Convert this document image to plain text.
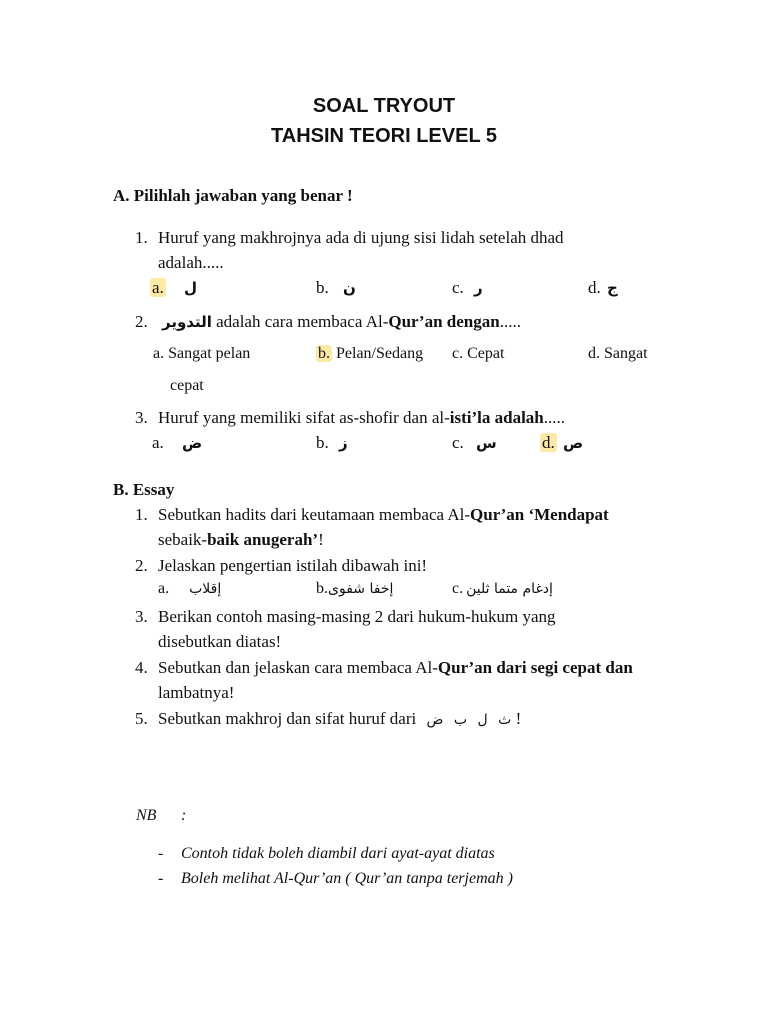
SOAL TRYOUT
TAHSIN TEORI LEVEL 5
A. Pilihlah jawaban yang benar !
1. Huruf yang makhrojnya ada di ujung sisi lidah setelah dhad
adalah.....
a. ل	b. ن	c. ر	d. ج
2. التدوير adalah cara membaca Al-Qur’an dengan.....
a. Sangat pelan	b. Pelan/Sedang c. Cepat	d. Sangat
cepat
3. Huruf yang memiliki sifat as-shofir dan al-isti’la adalah.....
a. ض	b. ز	c. س	d. ص
B. Essay
1. Sebutkan hadits dari keutamaan membaca Al-Qur’an ‘Mendapat
sebaik-baik anugerah’!
2. Jelaskan pengertian istilah dibawah ini!
a. إقلاب	b.إخفا شفوى	c. إدغام متما ثلين
3. Berikan contoh masing-masing 2 dari hukum-hukum yang
disebutkan diatas!
4. Sebutkan dan jelaskan cara membaca Al-Qur’an dari segi cepat dan
lambatnya!
5. Sebutkan makhroj dan sifat huruf dari ث ل ب ض !
NB :
- Contoh tidak boleh diambil dari ayat-ayat diatas
- Boleh melihat Al-Qur’an ( Qur’an tanpa terjemah )
